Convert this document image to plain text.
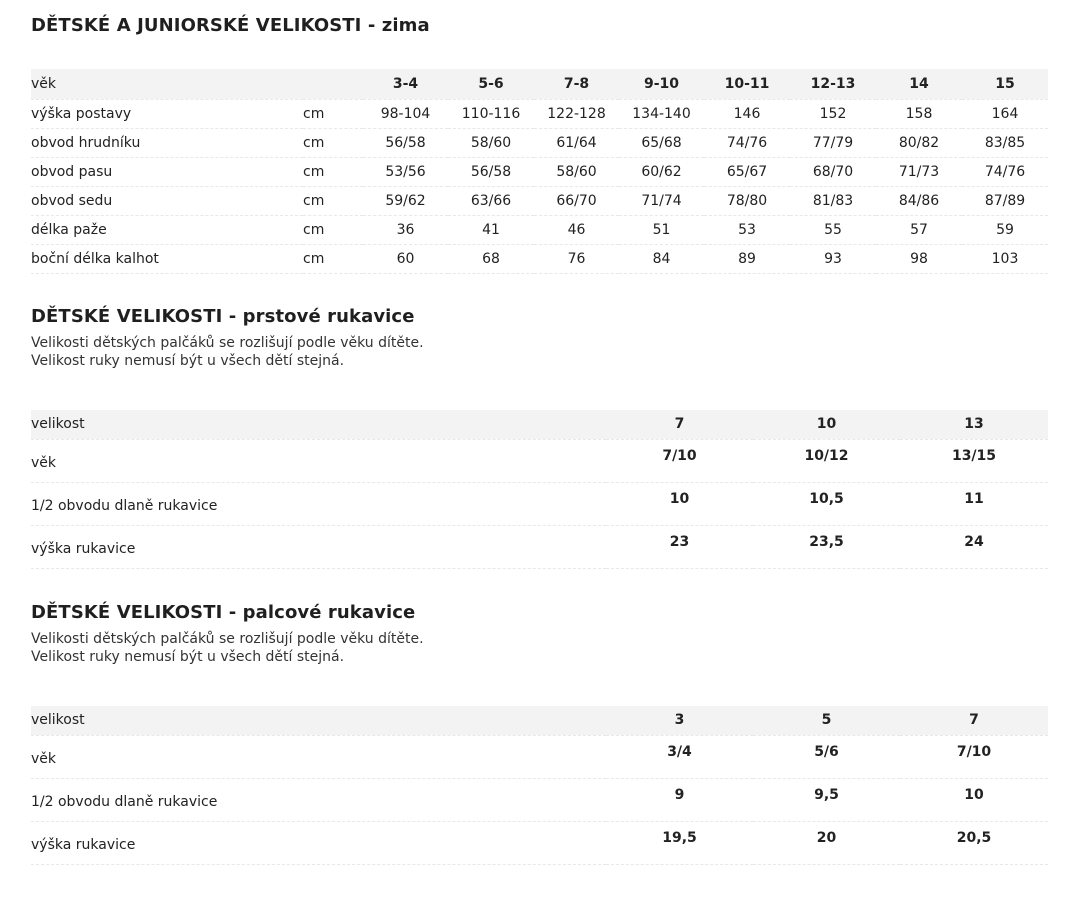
DĚTSKÉ A JUNIORSKÉ VELIKOSTI - zima
věk		3-4	5-6	7-8	9-10	10-11	12-13	14	15
výška postavy	cm	98-104	110-116	122-128	134-140	146	152	158	164
obvod hrudníku	cm	56/58	58/60	61/64	65/68	74/76	77/79	80/82	83/85
obvod pasu	cm	53/56	56/58	58/60	60/62	65/67	68/70	71/73	74/76
obvod sedu	cm	59/62	63/66	66/70	71/74	78/80	81/83	84/86	87/89
délka paže	cm	36	41	46	51	53	55	57	59
boční délka kalhot	cm	60	68	76	84	89	93	98	103
DĚTSKÉ VELIKOSTI - prstové rukavice

Velikosti dětských palčáků se rozlišují podle věku dítěte.

Velikost ruky nemusí být u všech dětí stejná.

velikost	7	10	13
věk	7/10	10/12	13/15
1/2 obvodu dlaně rukavice	10	10,5	11
výška rukavice	23	23,5	24
DĚTSKÉ VELIKOSTI - palcové rukavice

Velikosti dětských palčáků se rozlišují podle věku dítěte.

Velikost ruky nemusí být u všech dětí stejná.

velikost	3	5	7
věk	3/4	5/6	7/10
1/2 obvodu dlaně rukavice	9	9,5	10
výška rukavice	19,5	20	20,5
